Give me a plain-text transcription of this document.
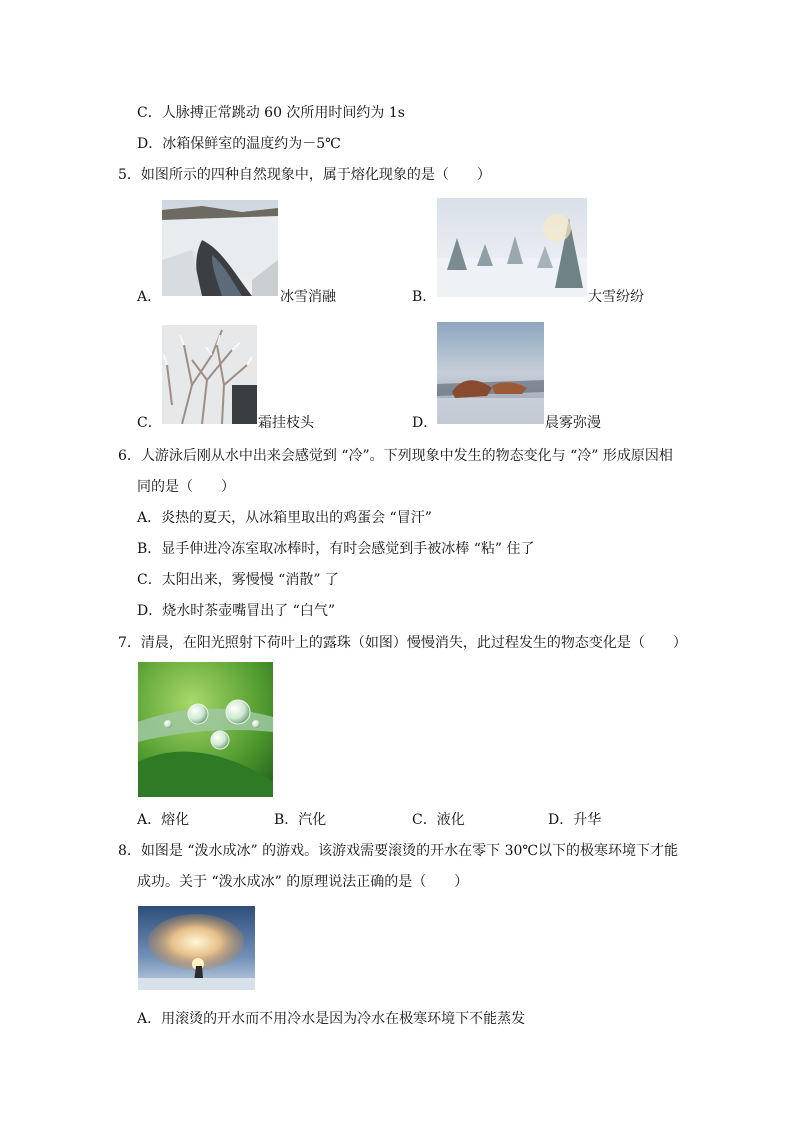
C．人脉搏正常跳动 60 次所用时间约为 1s
D．冰箱保鲜室的温度约为－5℃
5．如图所示的四种自然现象中，属于熔化现象的是（　　）
A．	冰雪消融	B．	大雪纷纷
C．	霜挂枝头	D．	晨雾弥漫
6．人游泳后刚从水中出来会感觉到 “冷”。下列现象中发生的物态变化与 “冷” 形成原因相
同的是（　　）
A．炎热的夏天，从冰箱里取出的鸡蛋会 “冒汗”
B．显手伸进冷冻室取冰棒时，有时会感觉到手被冰棒 “粘” 住了
C．太阳出来，雾慢慢 “消散” 了
D．烧水时茶壶嘴冒出了 “白气”
7．清晨，在阳光照射下荷叶上的露珠（如图）慢慢消失，此过程发生的物态变化是（　　）
A．熔化	B．汽化	C．液化	D．升华
8．如图是 “泼水成冰” 的游戏。该游戏需要滚烫的开水在零下 30℃以下的极寒环境下才能
成功。关于 “泼水成冰” 的原理说法正确的是（　　）
A．用滚烫的开水而不用冷水是因为冷水在极寒环境下不能蒸发
